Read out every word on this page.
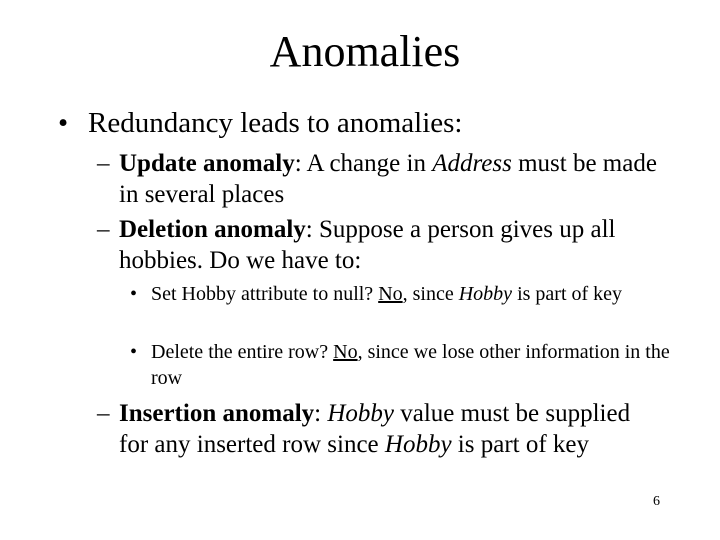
Anomalies
• Redundancy leads to anomalies:
– Update anomaly: A change in Address must be made in several places
– Deletion anomaly: Suppose a person gives up all hobbies. Do we have to:
• Set Hobby attribute to null? No, since Hobby is part of key
• Delete the entire row? No, since we lose other information in the row
– Insertion anomaly: Hobby value must be supplied for any inserted row since Hobby is part of key
6
